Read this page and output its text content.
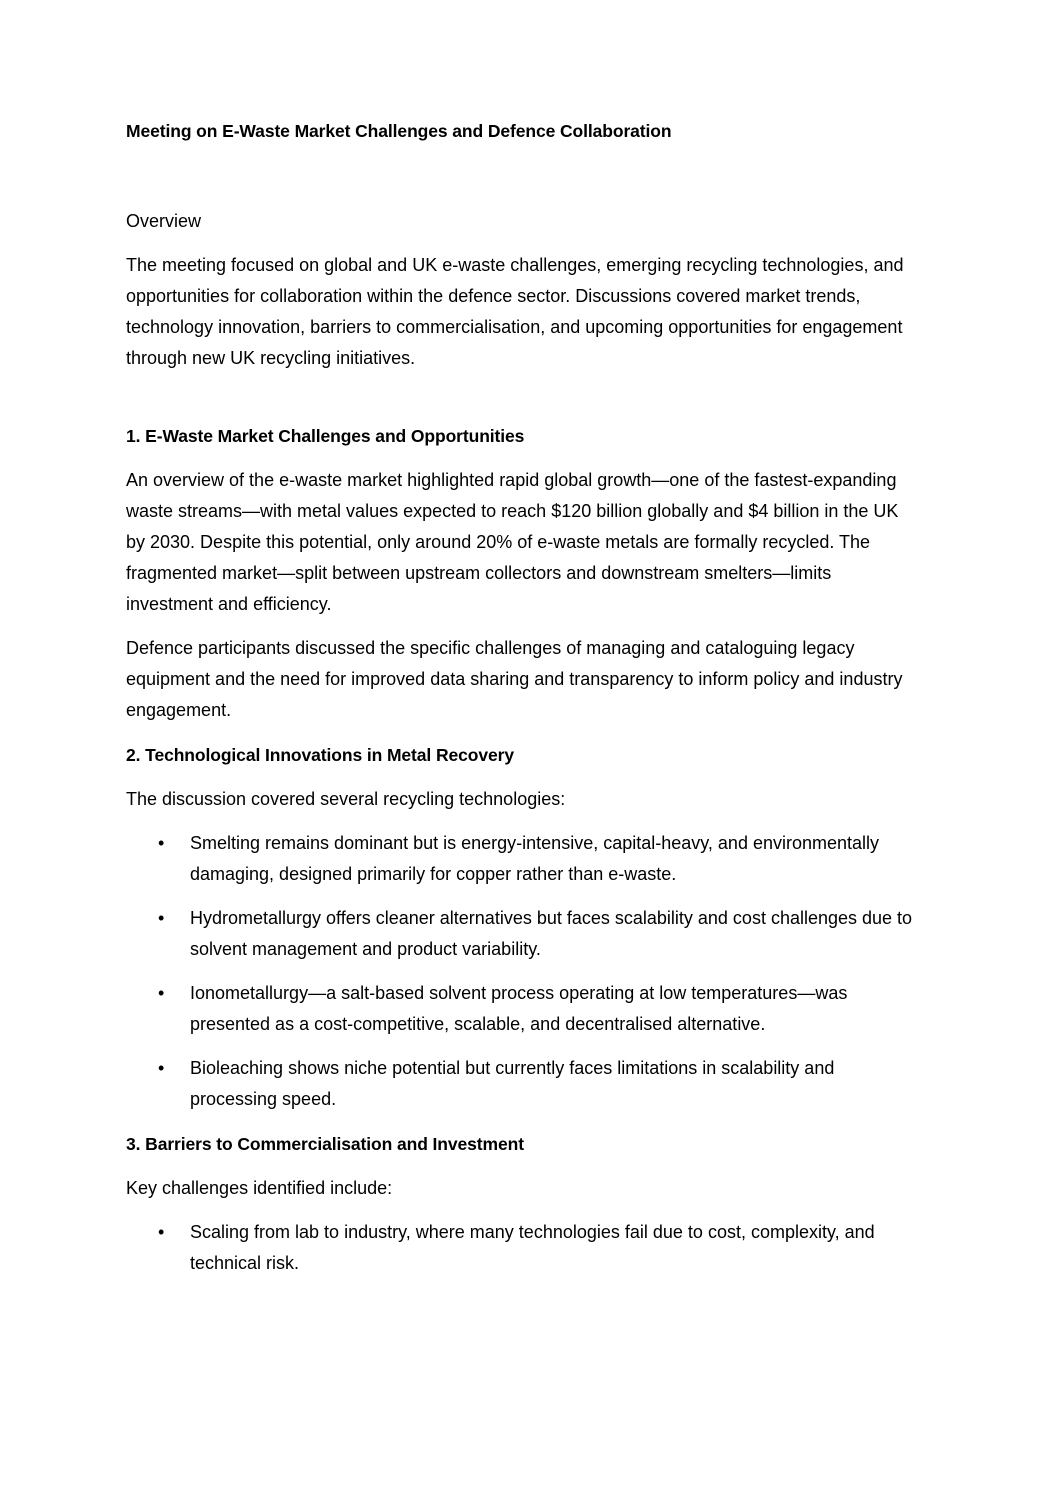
Meeting on E-Waste Market Challenges and Defence Collaboration

Overview

The meeting focused on global and UK e-waste challenges, emerging recycling technologies, and opportunities for collaboration within the defence sector. Discussions covered market trends, technology innovation, barriers to commercialisation, and upcoming opportunities for engagement through new UK recycling initiatives.

1. E-Waste Market Challenges and Opportunities

An overview of the e-waste market highlighted rapid global growth—one of the fastest-expanding waste streams—with metal values expected to reach $120 billion globally and $4 billion in the UK by 2030. Despite this potential, only around 20% of e-waste metals are formally recycled. The fragmented market—split between upstream collectors and downstream smelters—limits investment and efficiency.

Defence participants discussed the specific challenges of managing and cataloguing legacy equipment and the need for improved data sharing and transparency to inform policy and industry engagement.

2. Technological Innovations in Metal Recovery

The discussion covered several recycling technologies:

• Smelting remains dominant but is energy-intensive, capital-heavy, and environmentally damaging, designed primarily for copper rather than e-waste.
• Hydrometallurgy offers cleaner alternatives but faces scalability and cost challenges due to solvent management and product variability.
• Ionometallurgy—a salt-based solvent process operating at low temperatures—was presented as a cost-competitive, scalable, and decentralised alternative.
• Bioleaching shows niche potential but currently faces limitations in scalability and processing speed.
3. Barriers to Commercialisation and Investment

Key challenges identified include:

• Scaling from lab to industry, where many technologies fail due to cost, complexity, and technical risk.
